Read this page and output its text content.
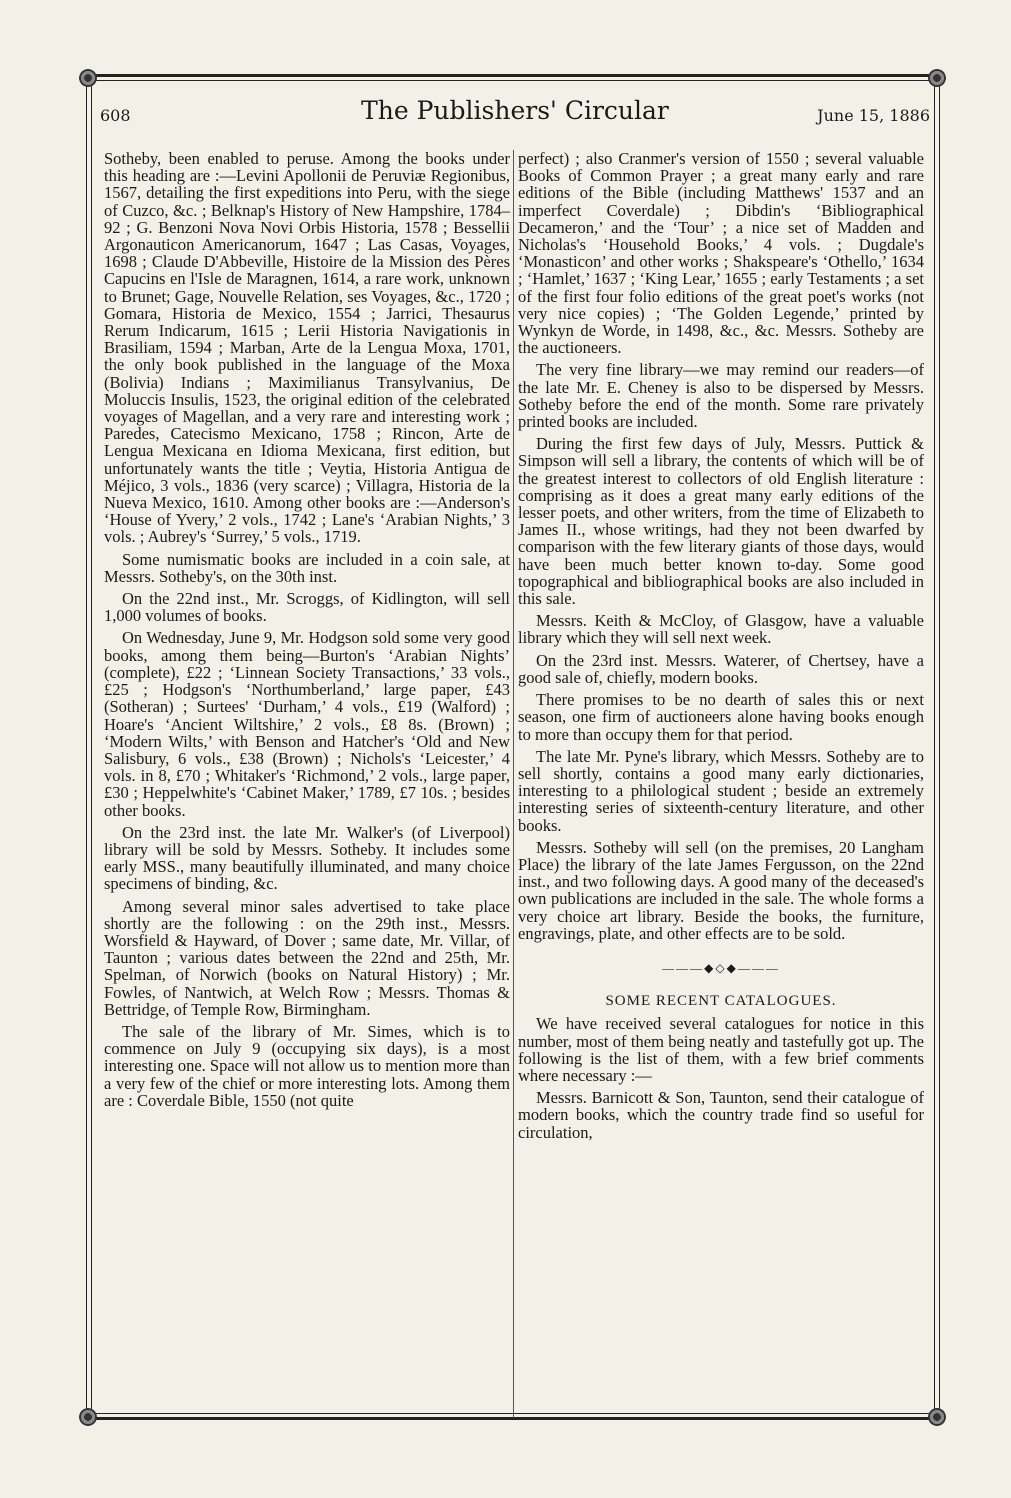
608	The Publishers' Circular	June 15, 1886

Sotheby, been enabled to peruse. Among the books under this heading are :—Levini Apollonii de Peruviæ Regionibus, 1567, detailing the first expeditions into Peru, with the siege of Cuzco, &c. ; Belknap's History of New Hampshire, 1784–92 ; G. Benzoni Nova Novi Orbis Historia, 1578 ; Bessellii Argonauticon Americanorum, 1647 ; Las Casas, Voyages, 1698 ; Claude D'Abbeville, Histoire de la Mission des Pères Capucins en l'Isle de Maragnen, 1614, a rare work, unknown to Brunet; Gage, Nouvelle Relation, ses Voyages, &c., 1720 ; Gomara, Historia de Mexico, 1554 ; Jarrici, Thesaurus Rerum Indicarum, 1615 ; Lerii Historia Navigationis in Brasiliam, 1594 ; Marban, Arte de la Lengua Moxa, 1701, the only book published in the language of the Moxa (Bolivia) Indians ; Maximilianus Transylvanius, De Moluccis Insulis, 1523, the original edition of the celebrated voyages of Magellan, and a very rare and interesting work ; Paredes, Catecismo Mexicano, 1758 ; Rincon, Arte de Lengua Mexicana en Idioma Mexicana, first edition, but unfortunately wants the title ; Veytia, Historia Antigua de Méjico, 3 vols., 1836 (very scarce) ; Villagra, Historia de la Nueva Mexico, 1610. Among other books are :—Anderson's ‘House of Yvery,’ 2 vols., 1742 ; Lane's ‘Arabian Nights,’ 3 vols. ; Aubrey's ‘Surrey,’ 5 vols., 1719.

Some numismatic books are included in a coin sale, at Messrs. Sotheby's, on the 30th inst.

On the 22nd inst., Mr. Scroggs, of Kidlington, will sell 1,000 volumes of books.

On Wednesday, June 9, Mr. Hodgson sold some very good books, among them being—Burton's ‘Arabian Nights’ (complete), £22 ; ‘Linnean Society Transactions,’ 33 vols., £25 ; Hodgson's ‘Northumberland,’ large paper, £43 (Sotheran) ; Surtees' ‘Durham,’ 4 vols., £19 (Walford) ; Hoare's ‘Ancient Wiltshire,’ 2 vols., £8 8s. (Brown) ; ‘Modern Wilts,’ with Benson and Hatcher's ‘Old and New Salisbury, 6 vols., £38 (Brown) ; Nichols's ‘Leicester,’ 4 vols. in 8, £70 ; Whitaker's ‘Richmond,’ 2 vols., large paper, £30 ; Heppelwhite's ‘Cabinet Maker,’ 1789, £7 10s. ; besides other books.

On the 23rd inst. the late Mr. Walker's (of Liverpool) library will be sold by Messrs. Sotheby. It includes some early MSS., many beautifully illuminated, and many choice specimens of binding, &c.

Among several minor sales advertised to take place shortly are the following : on the 29th inst., Messrs. Worsfield & Hayward, of Dover ; same date, Mr. Villar, of Taunton ; various dates between the 22nd and 25th, Mr. Spelman, of Norwich (books on Natural History) ; Mr. Fowles, of Nantwich, at Welch Row ; Messrs. Thomas & Bettridge, of Temple Row, Birmingham.

The sale of the library of Mr. Simes, which is to commence on July 9 (occupying six days), is a most interesting one. Space will not allow us to mention more than a very few of the chief or more interesting lots. Among them are : Coverdale Bible, 1550 (not quite

perfect) ; also Cranmer's version of 1550 ; several valuable Books of Common Prayer ; a great many early and rare editions of the Bible (including Matthews' 1537 and an imperfect Coverdale) ; Dibdin's ‘Bibliographical Decameron,’ and the ‘Tour’ ; a nice set of Madden and Nicholas's ‘Household Books,’ 4 vols. ; Dugdale's ‘Monasticon’ and other works ; Shakspeare's ‘Othello,’ 1634 ; ‘Hamlet,’ 1637 ; ‘King Lear,’ 1655 ; early Testaments ; a set of the first four folio editions of the great poet's works (not very nice copies) ; ‘The Golden Legende,’ printed by Wynkyn de Worde, in 1498, &c., &c. Messrs. Sotheby are the auctioneers.

The very fine library—we may remind our readers—of the late Mr. E. Cheney is also to be dispersed by Messrs. Sotheby before the end of the month. Some rare privately printed books are included.

During the first few days of July, Messrs. Puttick & Simpson will sell a library, the contents of which will be of the greatest interest to collectors of old English literature : comprising as it does a great many early editions of the lesser poets, and other writers, from the time of Elizabeth to James II., whose writings, had they not been dwarfed by comparison with the few literary giants of those days, would have been much better known to-day. Some good topographical and bibliographical books are also included in this sale.

Messrs. Keith & McCloy, of Glasgow, have a valuable library which they will sell next week.

On the 23rd inst. Messrs. Waterer, of Chertsey, have a good sale of, chiefly, modern books.

There promises to be no dearth of sales this or next season, one firm of auctioneers alone having books enough to more than occupy them for that period.

The late Mr. Pyne's library, which Messrs. Sotheby are to sell shortly, contains a good many early dictionaries, interesting to a philological student ; beside an extremely interesting series of sixteenth-century literature, and other books.

Messrs. Sotheby will sell (on the premises, 20 Langham Place) the library of the late James Fergusson, on the 22nd inst., and two following days. A good many of the deceased's own publications are included in the sale. The whole forms a very choice art library. Beside the books, the furniture, engravings, plate, and other effects are to be sold.

———◆◇◆———
SOME RECENT CATALOGUES.

We have received several catalogues for notice in this number, most of them being neatly and tastefully got up. The following is the list of them, with a few brief comments where necessary :—

Messrs. Barnicott & Son, Taunton, send their catalogue of modern books, which the country trade find so useful for circulation,
